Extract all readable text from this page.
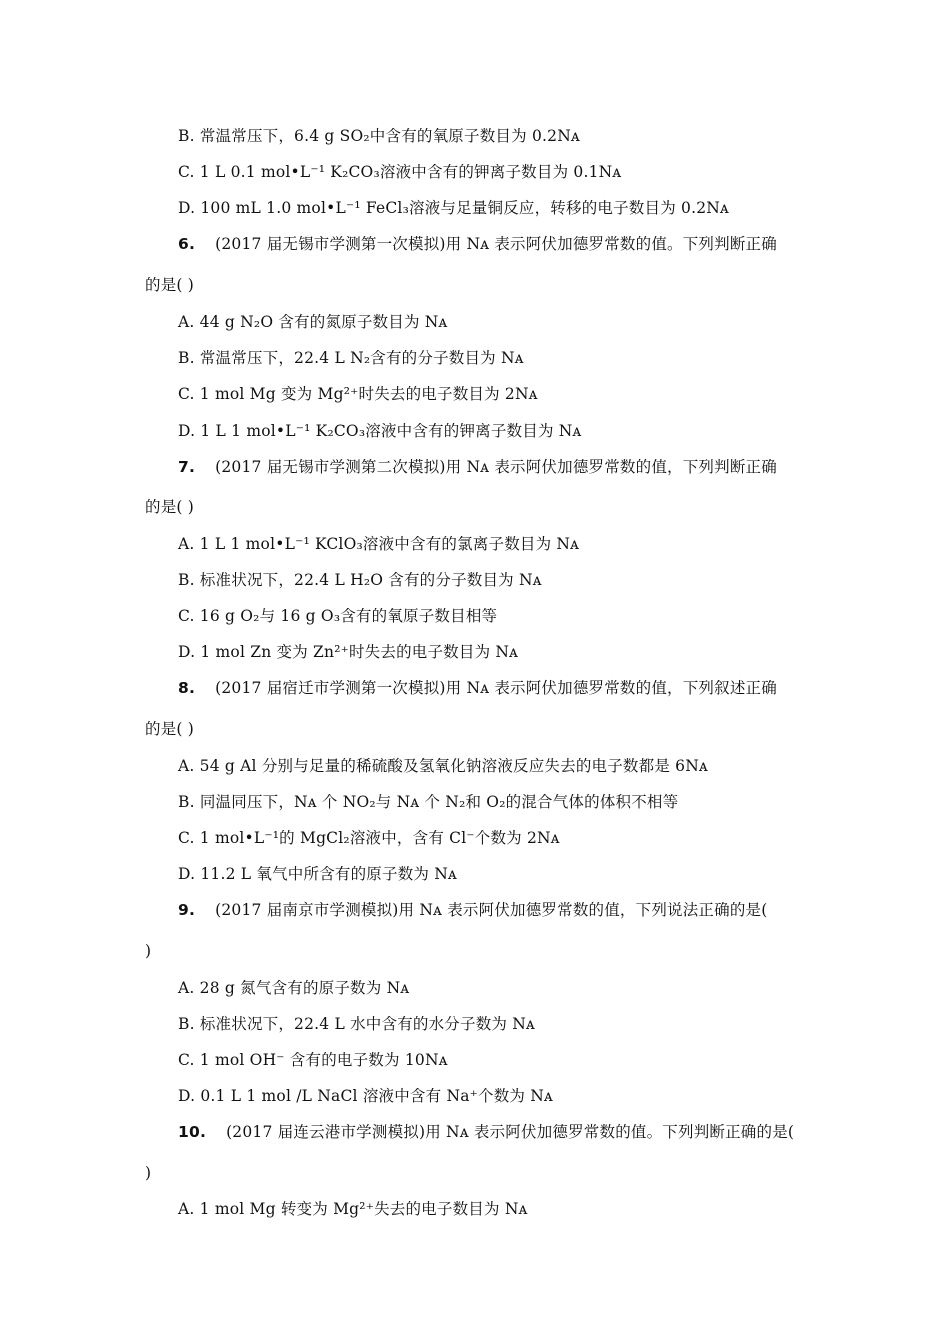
B. 常温常压下，6.4 g SO₂中含有的氧原子数目为 0.2Nᴀ
C. 1 L 0.1 mol•L⁻¹ K₂CO₃溶液中含有的钾离子数目为 0.1Nᴀ
D. 100 mL 1.0 mol•L⁻¹ FeCl₃溶液与足量铜反应，转移的电子数目为 0.2Nᴀ
6. (2017 届无锡市学测第一次模拟)用 Nᴀ 表示阿伏加德罗常数的值。下列判断正确
的是( )
A. 44 g N₂O 含有的氮原子数目为 Nᴀ
B. 常温常压下，22.4 L N₂含有的分子数目为 Nᴀ
C. 1 mol Mg 变为 Mg²⁺时失去的电子数目为 2Nᴀ
D. 1 L 1 mol•L⁻¹ K₂CO₃溶液中含有的钾离子数目为 Nᴀ
7. (2017 届无锡市学测第二次模拟)用 Nᴀ 表示阿伏加德罗常数的值，下列判断正确
的是( )
A. 1 L 1 mol•L⁻¹ KClO₃溶液中含有的氯离子数目为 Nᴀ
B. 标准状况下，22.4 L H₂O 含有的分子数目为 Nᴀ
C. 16 g O₂与 16 g O₃含有的氧原子数目相等
D. 1 mol Zn 变为 Zn²⁺时失去的电子数目为 Nᴀ
8. (2017 届宿迁市学测第一次模拟)用 Nᴀ 表示阿伏加德罗常数的值，下列叙述正确
的是( )
A. 54 g Al 分别与足量的稀硫酸及氢氧化钠溶液反应失去的电子数都是 6Nᴀ
B. 同温同压下，Nᴀ 个 NO₂与 Nᴀ 个 N₂和 O₂的混合气体的体积不相等
C. 1 mol•L⁻¹的 MgCl₂溶液中，含有 Cl⁻个数为 2Nᴀ
D. 11.2 L 氧气中所含有的原子数为 Nᴀ
9. (2017 届南京市学测模拟)用 Nᴀ 表示阿伏加德罗常数的值，下列说法正确的是(
)
A. 28 g 氮气含有的原子数为 Nᴀ
B. 标准状况下，22.4 L 水中含有的水分子数为 Nᴀ
C. 1 mol OH⁻ 含有的电子数为 10Nᴀ
D. 0.1 L 1 mol /L NaCl 溶液中含有 Na⁺个数为 Nᴀ
10. (2017 届连云港市学测模拟)用 Nᴀ 表示阿伏加德罗常数的值。下列判断正确的是(
)
A. 1 mol Mg 转变为 Mg²⁺失去的电子数目为 Nᴀ
